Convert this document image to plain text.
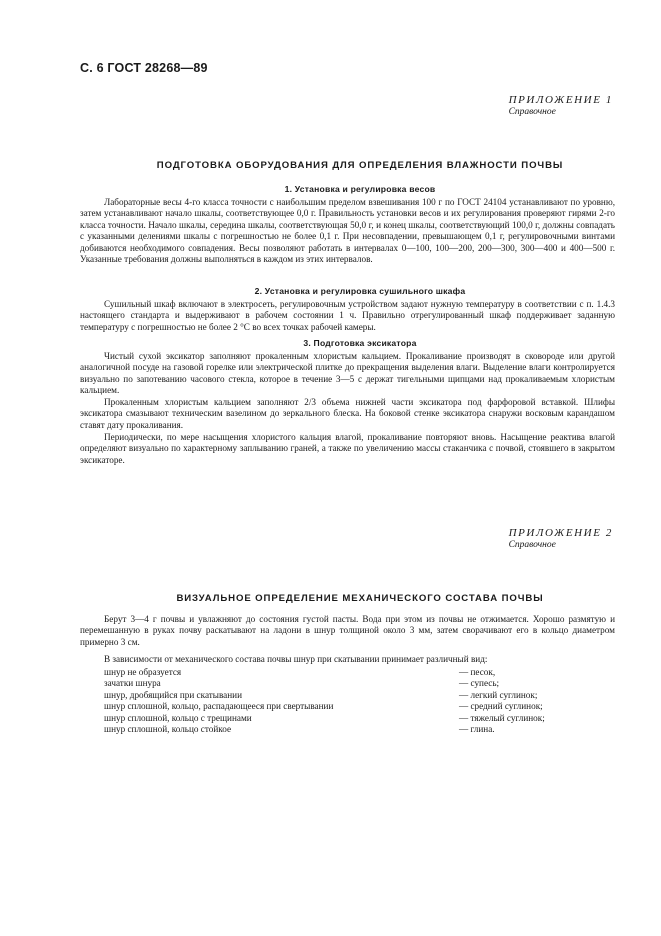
С. 6 ГОСТ 28268—89
ПРИЛОЖЕНИЕ 1
Справочное
ПОДГОТОВКА ОБОРУДОВАНИЯ ДЛЯ ОПРЕДЕЛЕНИЯ ВЛАЖНОСТИ ПОЧВЫ
1. Установка и регулировка весов
Лабораторные весы 4-го класса точности с наибольшим пределом взвешивания 100 г по ГОСТ 24104 устанавливают по уровню, затем устанавливают начало шкалы, соответствующее 0,0 г. Правильность установки весов и их регулирования проверяют гирями 2-го класса точности. Начало шкалы, середина шкалы, соответствующая 50,0 г, и конец шкалы, соответствующий 100,0 г, должны совпадать с указанными делениями шкалы с погрешностью не более 0,1 г. При несовпадении, превышающем 0,1 г, регулировочными винтами добиваются необходимого совпадения. Весы позволяют работать в интервалах 0—100, 100—200, 200—300, 300—400 и 400—500 г. Указанные требования должны выполняться в каждом из этих интервалов.
2. Установка и регулировка сушильного шкафа
Сушильный шкаф включают в электросеть, регулировочным устройством задают нужную температуру в соответствии с п. 1.4.3 настоящего стандарта и выдерживают в рабочем состоянии 1 ч. Правильно отрегулированный шкаф поддерживает заданную температуру с погрешностью не более 2 °С во всех точках рабочей камеры.
3. Подготовка эксикатора
Чистый сухой эксикатор заполняют прокаленным хлористым кальцием. Прокаливание производят в сковороде или другой аналогичной посуде на газовой горелке или электрической плитке до прекращения выделения влаги. Выделение влаги контролируется визуально по запотеванию часового стекла, которое в течение 3—5 с держат тигельными щипцами над прокаливаемым хлористым кальцием.
Прокаленным хлористым кальцием заполняют 2/3 объема нижней части эксикатора под фарфоровой вставкой. Шлифы эксикатора смазывают техническим вазелином до зеркального блеска. На боковой стенке эксикатора снаружи восковым карандашом ставят дату прокаливания.
Периодически, по мере насыщения хлористого кальция влагой, прокаливание повторяют вновь. Насыщение реактива влагой определяют визуально по характерному заплыванию граней, а также по увеличению массы стаканчика с почвой, стоявшего в закрытом эксикаторе.
ПРИЛОЖЕНИЕ 2
Справочное
ВИЗУАЛЬНОЕ ОПРЕДЕЛЕНИЕ МЕХАНИЧЕСКОГО СОСТАВА ПОЧВЫ
Берут 3—4 г почвы и увлажняют до состояния густой пасты. Вода при этом из почвы не отжимается. Хорошо размятую и перемешанную в руках почву раскатывают на ладони в шнур толщиной около 3 мм, затем сворачивают его в кольцо диаметром примерно 3 см.
В зависимости от механического состава почвы шнур при скатывании принимает различный вид:
шнур не образуется	— песок,
зачатки шнура	— супесь;
шнур, дробящийся при скатывании	— легкий суглинок;
шнур сплошной, кольцо, распадающееся при свертывании	— средний суглинок;
шнур сплошной, кольцо с трещинами	— тяжелый суглинок;
шнур сплошной, кольцо стойкое	— глина.
